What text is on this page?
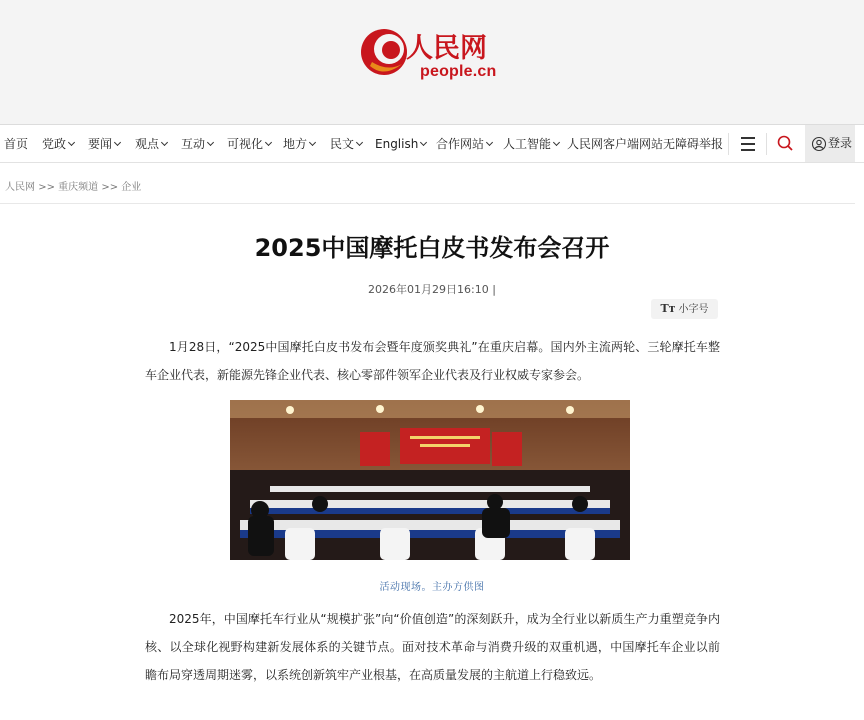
人民网
people.cn
首页 党政	要闻	观点	互动	可视化	地方	民文	English	合作网站	人工智能	人民网客户端 网站无障碍 举报	登录
人民网 >> 重庆频道 >> 企业
2025中国摩托白皮书发布会召开
2026年01月29日16:10 |
Tт 小字号

1月28日，“2025中国摩托白皮书发布会暨年度颁奖典礼”在重庆启幕。国内外主流两轮、三轮摩托车整车企业代表，新能源先锋企业代表、核心零部件领军企业代表及行业权威专家参会。

活动现场。主办方供图

2025年，中国摩托车行业从“规模扩张”向“价值创造”的深刻跃升，成为全行业以新质生产力重塑竞争内核、以全球化视野构建新发展体系的关键节点。面对技术革命与消费升级的双重机遇，中国摩托车企业以前瞻布局穿透周期迷雾，以系统创新筑牢产业根基，在高质量发展的主航道上行稳致远。
